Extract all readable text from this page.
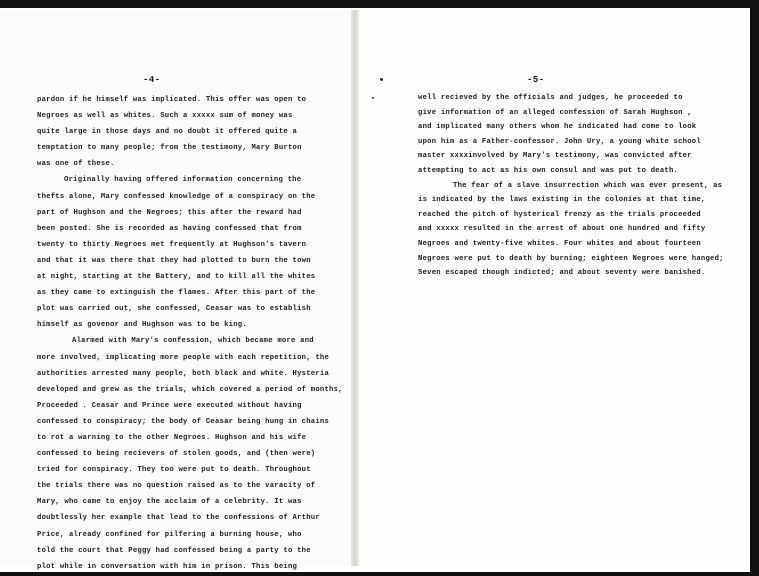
-4-
pardon if he himself was implicated. This offer was open to
Negroes as well as whites. Such a xxxxx sum of money was
quite large in those days and no doubt it offered quite a
temptation to many people; from the testimony, Mary Burton
was one of these.
Originally having offered information concerning the
thefts alone, Mary confessed knowledge of a conspiracy on the
part of Hughson and the Negroes; this after the reward had
been posted. She is recorded as having confessed that from
twenty to thirty Negroes met frequently at Hughson's tavern
and that it was there that they had plotted to burn the town
at night, starting at the Battery, and to kill all the whites
as they came to extinguish the flames. After this part of the
plot was carried out, she confessed, Ceasar was to establish
himself as govenor and Hughson was to be king.
Alarmed with Mary's confession, which became more and
more involved, implicating more people with each repetition, the
authorities arrested many people, both black and white. Hysteria
developed and grew as the trials, which covered a period of months,
Proceeded . Ceasar and Prince were executed without having
confessed to conspiracy; the body of Ceasar being hung in chains
to rot a warning to the other Negroes. Hughson and his wife
confessed to being recievers of stolen goods, and (then were)
tried for conspiracy. They too were put to death. Throughout
the trials there was no question raised as to the varacity of
Mary, who came to enjoy the acclaim of a celebrity. It was
doubtlessly her example that lead to the confessions of Arthur
Price, already confined for pilfering a burning house, who
told the court that Peggy had confessed being a party to the
plot while in conversation with him in prison. This being
-5-
well recieved by the officials and judges, he proceeded to
give information of an alleged confession of Sarah Hughson ,
and implicated many others whom he indicated had come to look
upon him as a Father-confessor. John Ury, a young white school
master xxxxinvolved by Mary's testimony, was convicted after
attempting to act as his own consul and was put to death.
The fear of a slave insurrection which was ever present, as
is indicated by the laws existing in the colonies at that time,
reached the pitch of hysterical frenzy as the trials proceeded
and xxxxx resulted in the arrest of about one hundred and fifty
Negroes and twenty-five whites. Four whites and about fourteen
Negroes were put to death by burning; eighteen Negroes were hanged;
Seven escaped though indicted; and about seventy were banished.
